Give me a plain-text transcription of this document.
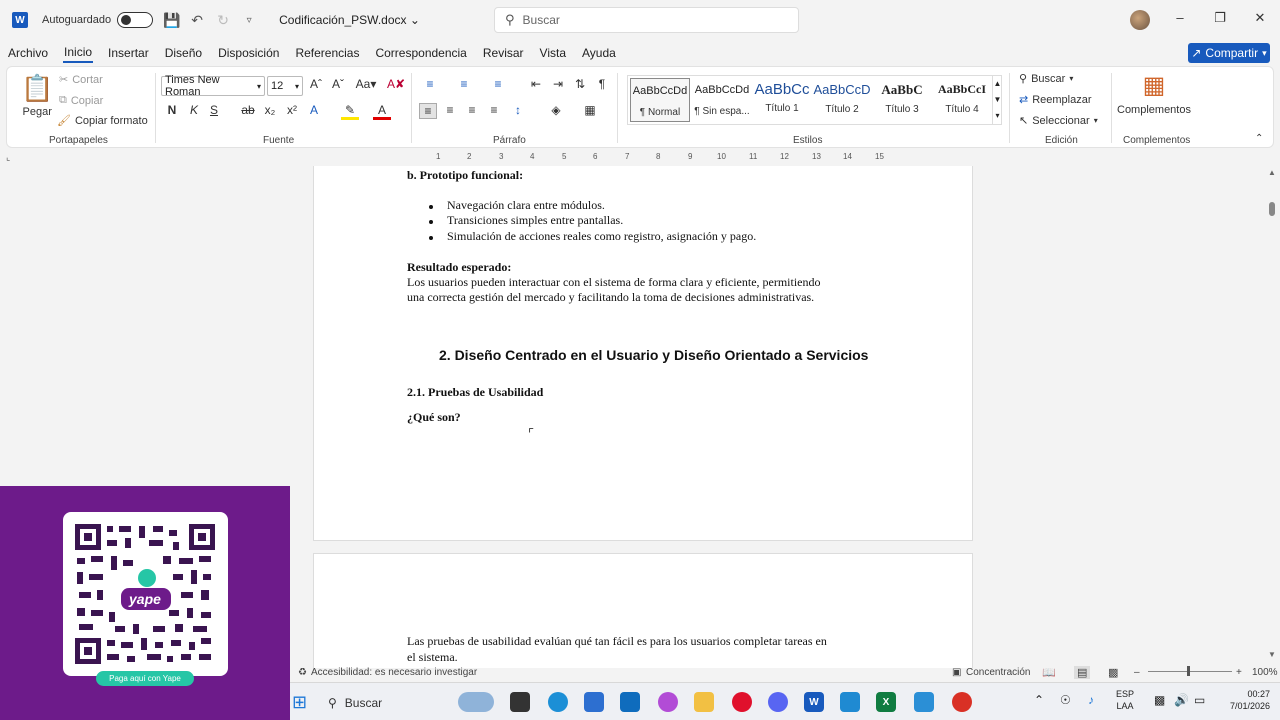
W Autoguardado	💾 ↶ ↻	▿	Codificación_PSW.docx ⌄	⚲ Buscar	–	❐	✕
Archivo Inicio Insertar Diseño Disposición Referencias Correspondencia Revisar Vista Ayuda	↗ Compartir ▾
📋
Pegar
✂ Cortar
⧉ Copiar
🖌 Copiar formato
Portapapeles
Times New Roman	▾ 12 ▾ Aˆ Aˇ Aa▾ A✘
N	K S	ab x₂ x²	A	✎	A
Fuente
≡	≡	≡	⇤ ⇥ ⇅	¶
≡	≡	≡	≡	↕	◈	▦
Párrafo
AaBbCcDd
¶ Normal
AaBbCcDd
¶ Sin espa...
AaBbCc
Título 1
AaBbCcD
Título 2
AaBbC
Título 3
AaBbCcI
Título 4
▲
▼
▾
Estilos
⚲ Buscar ▾
⇄ Reemplazar
↖ Seleccionar ▾
Edición
▦
Complementos
Complementos	⌃
⌞	1	2	3	4	5	6	7	8	9	10	11	12	13	14	15
b. Prototipo funcional:
Navegación clara entre módulos.
Transiciones simples entre pantallas.
Simulación de acciones reales como registro, asignación y pago.
Resultado esperado:
Los usuarios pueden interactuar con el sistema de forma clara y eficiente, permitiendo
una correcta gestión del mercado y facilitando la toma de decisiones administrativas.
2. Diseño Centrado en el Usuario y Diseño Orientado a Servicios
2.1. Pruebas de Usabilidad
¿Qué son?
⌜
Las pruebas de usabilidad evalúan qué tan fácil es para los usuarios completar tareas en
el sistema.
▲
▼
♻ Accesibilidad: es necesario investigar	▣ Concentración 📖 ▤ ▩ –	+ 100%
yape
Paga aquí con Yape
⊞ ⚲ Buscar	W	X	⌃ ☉ ♪ ESP
LAA ▩ 🔊 ▭	00:27
7/01/2026
